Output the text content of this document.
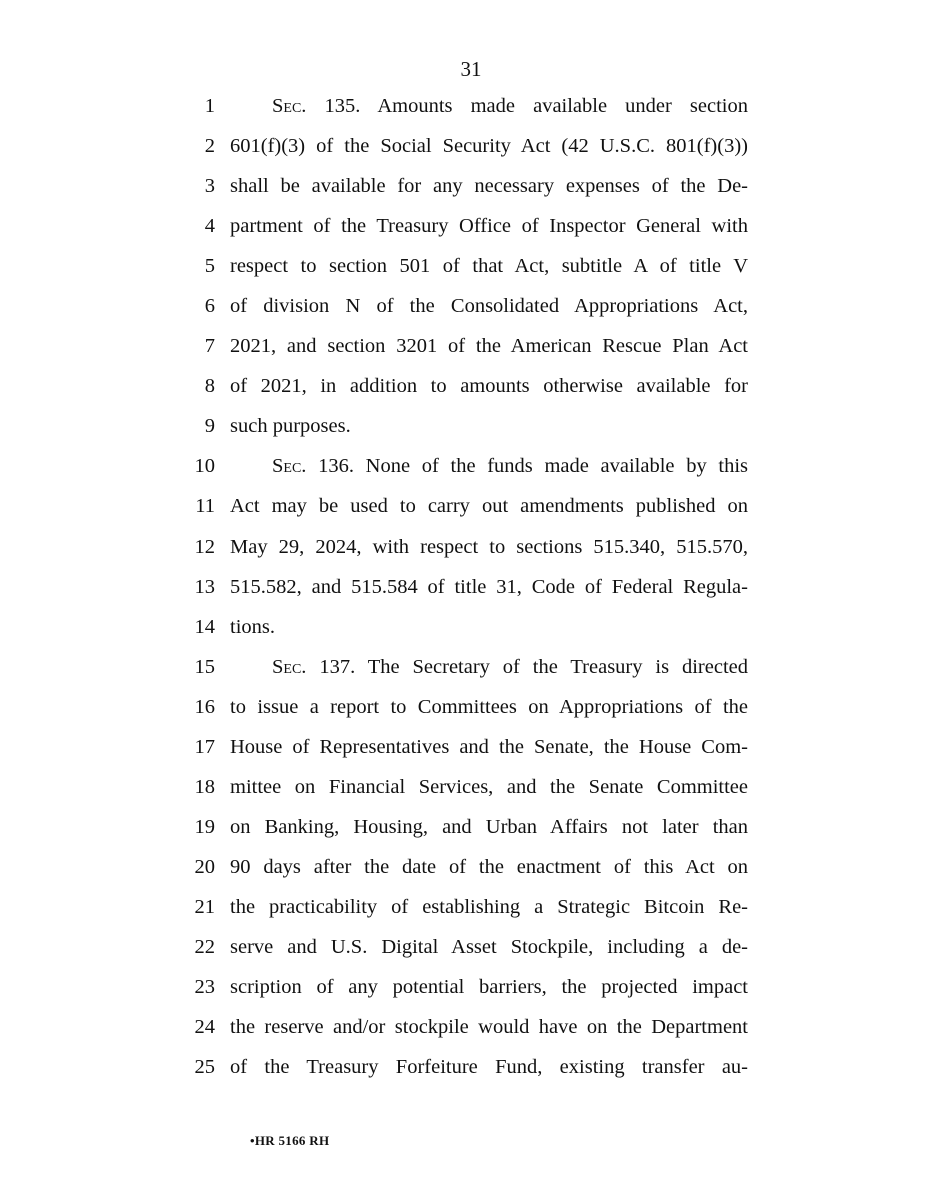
31
1	Sec. 135. Amounts made available under section
2 601(f)(3) of the Social Security Act (42 U.S.C. 801(f)(3))
3 shall be available for any necessary expenses of the De-
4 partment of the Treasury Office of Inspector General with
5 respect to section 501 of that Act, subtitle A of title V
6 of division N of the Consolidated Appropriations Act,
7 2021, and section 3201 of the American Rescue Plan Act
8 of 2021, in addition to amounts otherwise available for
9 such purposes.
10	Sec. 136. None of the funds made available by this
11 Act may be used to carry out amendments published on
12 May 29, 2024, with respect to sections 515.340, 515.570,
13 515.582, and 515.584 of title 31, Code of Federal Regula-
14 tions.
15	Sec. 137. The Secretary of the Treasury is directed
16 to issue a report to Committees on Appropriations of the
17 House of Representatives and the Senate, the House Com-
18 mittee on Financial Services, and the Senate Committee
19 on Banking, Housing, and Urban Affairs not later than
20 90 days after the date of the enactment of this Act on
21 the practicability of establishing a Strategic Bitcoin Re-
22 serve and U.S. Digital Asset Stockpile, including a de-
23 scription of any potential barriers, the projected impact
24 the reserve and/or stockpile would have on the Department
25 of the Treasury Forfeiture Fund, existing transfer au-
•HR 5166 RH
